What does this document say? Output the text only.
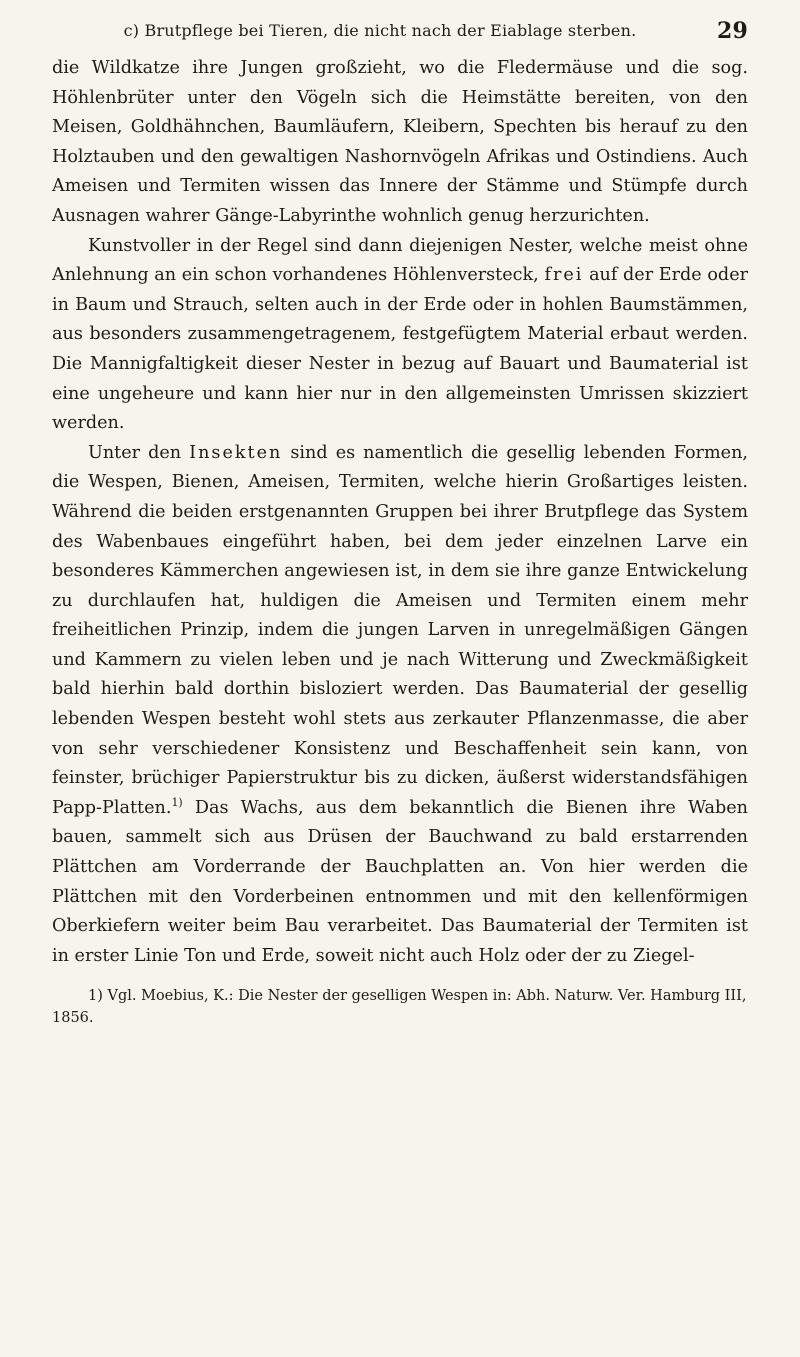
c) Brutpflege bei Tieren, die nicht nach der Eiablage sterben.	29

die Wildkatze ihre Jungen großzieht, wo die Fledermäuse und die sog. Höhlenbrüter unter den Vögeln sich die Heimstätte bereiten, von den Meisen, Goldhähnchen, Baumläufern, Kleibern, Spechten bis herauf zu den Holztauben und den gewaltigen Nashornvögeln Afrikas und Ostindiens. Auch Ameisen und Termiten wissen das Innere der Stämme und Stümpfe durch Ausnagen wahrer Gänge-Labyrinthe wohnlich genug herzurichten.

Kunstvoller in der Regel sind dann diejenigen Nester, welche meist ohne Anlehnung an ein schon vorhandenes Höhlenversteck, frei auf der Erde oder in Baum und Strauch, selten auch in der Erde oder in hohlen Baumstämmen, aus besonders zusammengetragenem, festgefügtem Material erbaut werden. Die Mannigfaltigkeit dieser Nester in bezug auf Bauart und Baumaterial ist eine ungeheure und kann hier nur in den allgemeinsten Umrissen skizziert werden.

Unter den Insekten sind es namentlich die gesellig lebenden Formen, die Wespen, Bienen, Ameisen, Termiten, welche hierin Großartiges leisten. Während die beiden erstgenannten Gruppen bei ihrer Brutpflege das System des Wabenbaues eingeführt haben, bei dem jeder einzelnen Larve ein besonderes Kämmerchen angewiesen ist, in dem sie ihre ganze Entwickelung zu durchlaufen hat, huldigen die Ameisen und Termiten einem mehr freiheitlichen Prinzip, indem die jungen Larven in unregelmäßigen Gängen und Kammern zu vielen leben und je nach Witterung und Zweckmäßigkeit bald hierhin bald dorthin bisloziert werden. Das Baumaterial der gesellig lebenden Wespen besteht wohl stets aus zerkauter Pflanzenmasse, die aber von sehr verschiedener Konsistenz und Beschaffenheit sein kann, von feinster, brüchiger Papierstruktur bis zu dicken, äußerst widerstandsfähigen Papp-Platten.$^{1)}$ Das Wachs, aus dem bekanntlich die Bienen ihre Waben bauen, sammelt sich aus Drüsen der Bauchwand zu bald erstarrenden Plättchen am Vorderrande der Bauchplatten an. Von hier werden die Plättchen mit den Vorderbeinen entnommen und mit den kellenförmigen Oberkiefern weiter beim Bau verarbeitet. Das Baumaterial der Termiten ist in erster Linie Ton und Erde, soweit nicht auch Holz oder der zu Ziegel-

1) Vgl. Moebius, K.: Die Nester der geselligen Wespen in: Abh. Naturw. Ver. Hamburg III, 1856.
